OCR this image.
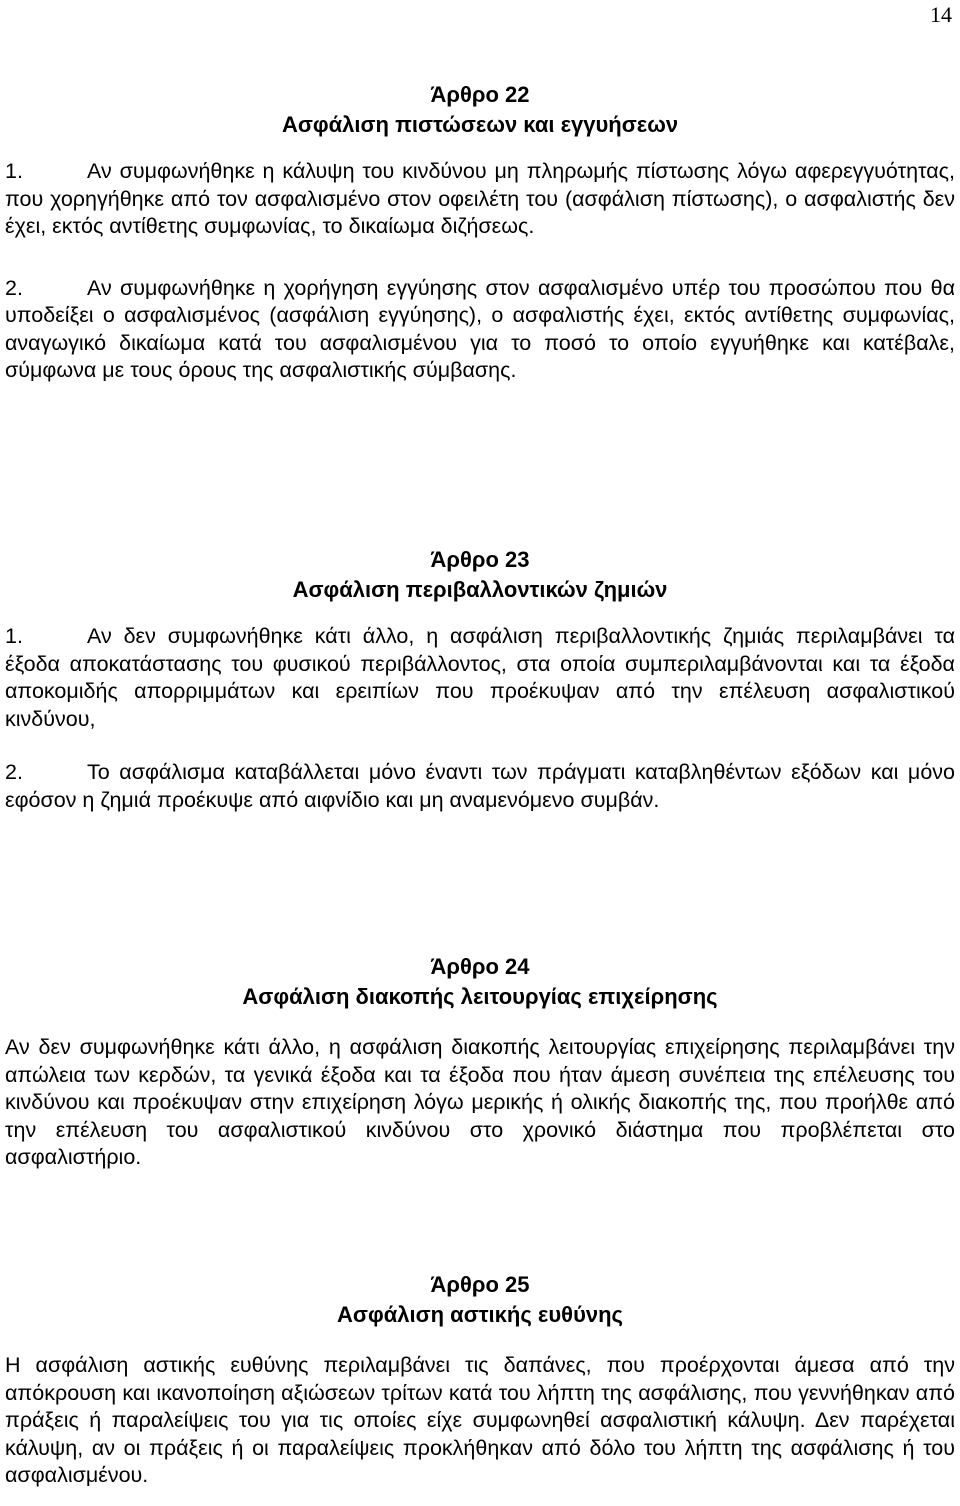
14
Άρθρο 22
Ασφάλιση πιστώσεων και εγγυήσεων

1.	Αν συμφωνήθηκε η κάλυψη του κινδύνου μη πληρωμής πίστωσης λόγω αφερεγγυότητας, που χορηγήθηκε από τον ασφαλισμένο στον οφειλέτη του (ασφάλιση πίστωσης), ο ασφαλιστής δεν έχει, εκτός αντίθετης συμφωνίας, το δικαίωμα διζήσεως.

2.	Αν συμφωνήθηκε η χορήγηση εγγύησης στον ασφαλισμένο υπέρ του προσώπου που θα υποδείξει ο ασφαλισμένος (ασφάλιση εγγύησης), ο ασφαλιστής έχει, εκτός αντίθετης συμφωνίας, αναγωγικό δικαίωμα κατά του ασφαλισμένου για το ποσό το οποίο εγγυήθηκε και κατέβαλε, σύμφωνα με τους όρους της ασφαλιστικής σύμβασης.

Άρθρο 23
Ασφάλιση περιβαλλοντικών ζημιών

1.	Αν δεν συμφωνήθηκε κάτι άλλο, η ασφάλιση περιβαλλοντικής ζημιάς περιλαμβάνει τα έξοδα αποκατάστασης του φυσικού περιβάλλοντος, στα οποία συμπεριλαμβάνονται και τα έξοδα αποκομιδής απορριμμάτων και ερειπίων που προέκυψαν από την επέλευση ασφαλιστικού κινδύνου,

2.	Το ασφάλισμα καταβάλλεται μόνο έναντι των πράγματι καταβληθέντων εξόδων και μόνο εφόσον η ζημιά προέκυψε από αιφνίδιο και μη αναμενόμενο συμβάν.

Άρθρο 24
Ασφάλιση διακοπής λειτουργίας επιχείρησης

Αν δεν συμφωνήθηκε κάτι άλλο, η ασφάλιση διακοπής λειτουργίας επιχείρησης περιλαμβάνει την απώλεια των κερδών, τα γενικά έξοδα και τα έξοδα που ήταν άμεση συνέπεια της επέλευσης του κινδύνου και προέκυψαν στην επιχείρηση λόγω μερικής ή ολικής διακοπής της, που προήλθε από την επέλευση του ασφαλιστικού κινδύνου στο χρονικό διάστημα που προβλέπεται στο ασφαλιστήριο.

Άρθρο 25
Ασφάλιση αστικής ευθύνης

Η ασφάλιση αστικής ευθύνης περιλαμβάνει τις δαπάνες, που προέρχονται άμεσα από την απόκρουση και ικανοποίηση αξιώσεων τρίτων κατά του λήπτη της ασφάλισης, που γεννήθηκαν από πράξεις ή παραλείψεις του για τις οποίες είχε συμφωνηθεί ασφαλιστική κάλυψη. Δεν παρέχεται κάλυψη, αν οι πράξεις ή οι παραλείψεις προκλήθηκαν από δόλο του λήπτη της ασφάλισης ή του ασφαλισμένου.
